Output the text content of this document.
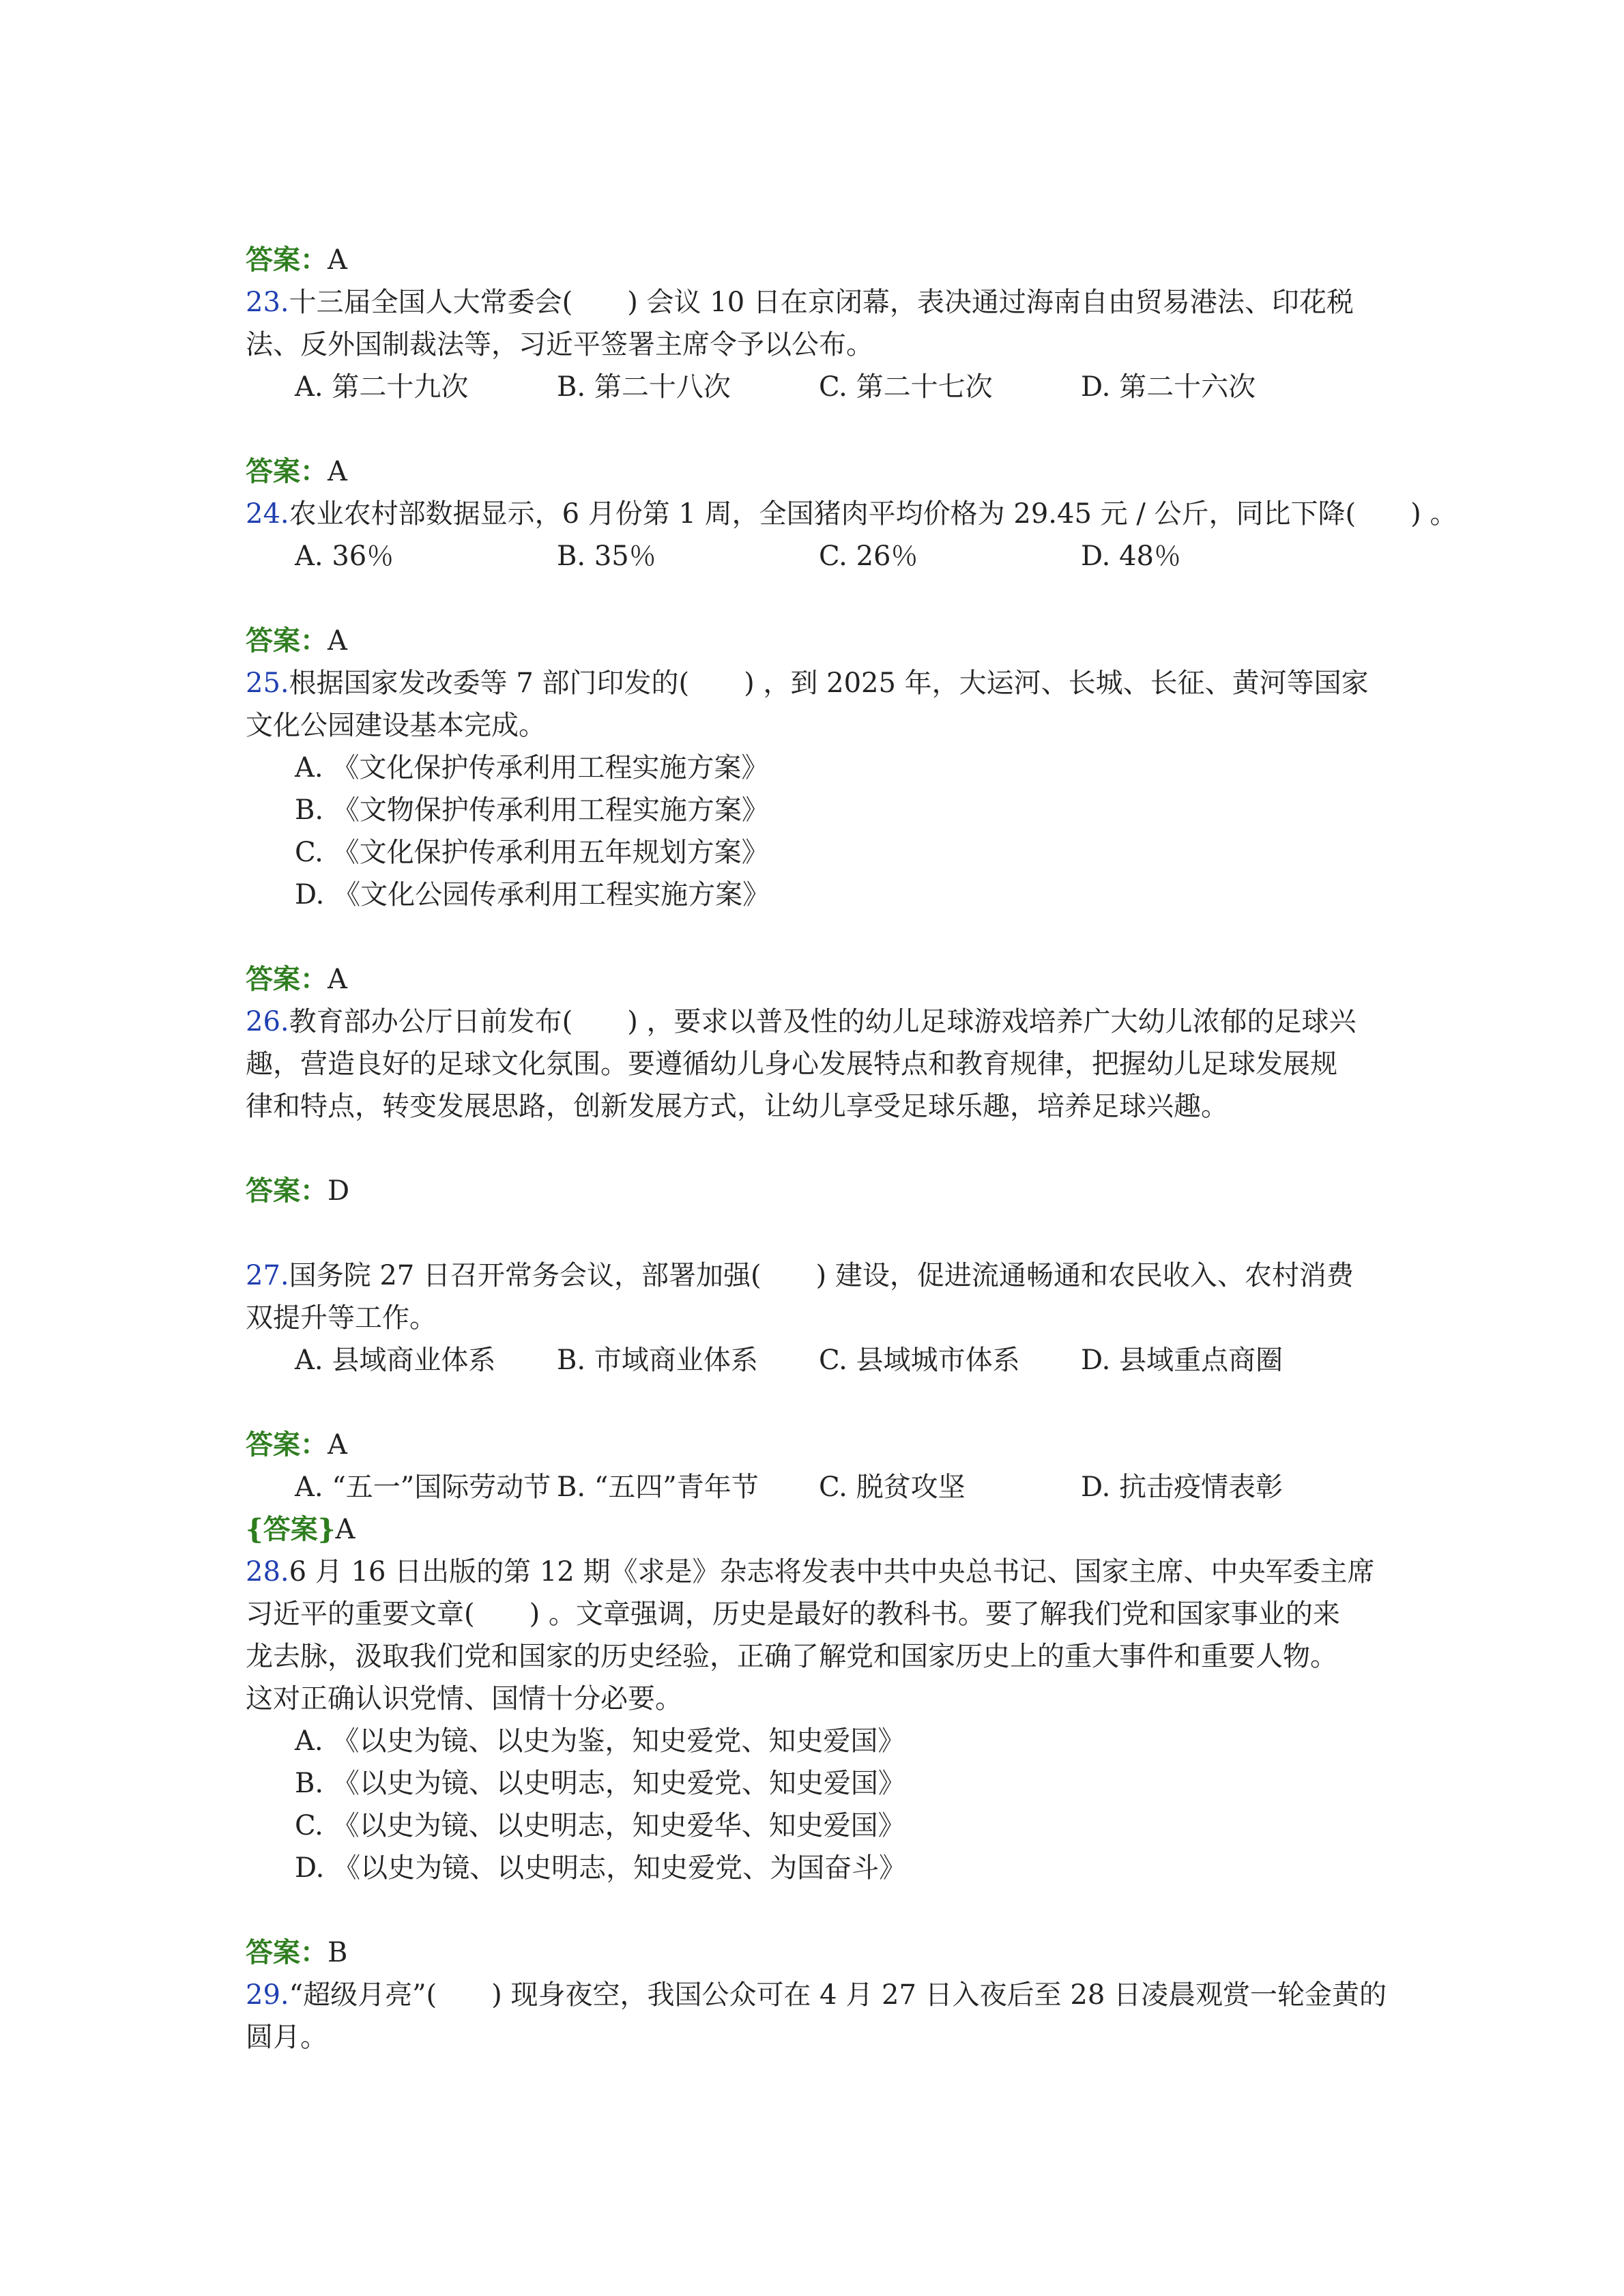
答案：A
23.十三届全国人大常委会(　　) 会议 10 日在京闭幕，表决通过海南自由贸易港法、印花税
法、反外国制裁法等，习近平签署主席令予以公布。
A. 第二十九次	B. 第二十八次	C. 第二十七次	D. 第二十六次
答案：A
24.农业农村部数据显示，6 月份第 1 周，全国猪肉平均价格为 29.45 元 / 公斤，同比下降(　　) 。
A. 36％	B. 35％	C. 26％	D. 48％
答案：A
25.根据国家发改委等 7 部门印发的(　　) ，到 2025 年，大运河、长城、长征、黄河等国家
文化公园建设基本完成。
A. 《文化保护传承利用工程实施方案》
B. 《文物保护传承利用工程实施方案》
C. 《文化保护传承利用五年规划方案》
D. 《文化公园传承利用工程实施方案》
答案：A
26.教育部办公厅日前发布(　　) ，要求以普及性的幼儿足球游戏培养广大幼儿浓郁的足球兴
趣，营造良好的足球文化氛围。要遵循幼儿身心发展特点和教育规律，把握幼儿足球发展规
律和特点，转变发展思路，创新发展方式，让幼儿享受足球乐趣，培养足球兴趣。
答案：D
27.国务院 27 日召开常务会议，部署加强(　　) 建设，促进流通畅通和农民收入、农村消费
双提升等工作。
A. 县域商业体系 B. 市域商业体系 C. 县域城市体系 D. 县域重点商圈
答案：A
A. “五一”国际劳动节 B. “五四”青年节 C. 脱贫攻坚	D. 抗击疫情表彰
{答案}A
28.6 月 16 日出版的第 12 期《求是》杂志将发表中共中央总书记、国家主席、中央军委主席
习近平的重要文章(　　) 。文章强调，历史是最好的教科书。要了解我们党和国家事业的来
龙去脉，汲取我们党和国家的历史经验，正确了解党和国家历史上的重大事件和重要人物。
这对正确认识党情、国情十分必要。
A. 《以史为镜、以史为鉴，知史爱党、知史爱国》
B. 《以史为镜、以史明志，知史爱党、知史爱国》
C. 《以史为镜、以史明志，知史爱华、知史爱国》
D. 《以史为镜、以史明志，知史爱党、为国奋斗》
答案：B
29.“超级月亮”(　　) 现身夜空，我国公众可在 4 月 27 日入夜后至 28 日凌晨观赏一轮金黄的
圆月。
